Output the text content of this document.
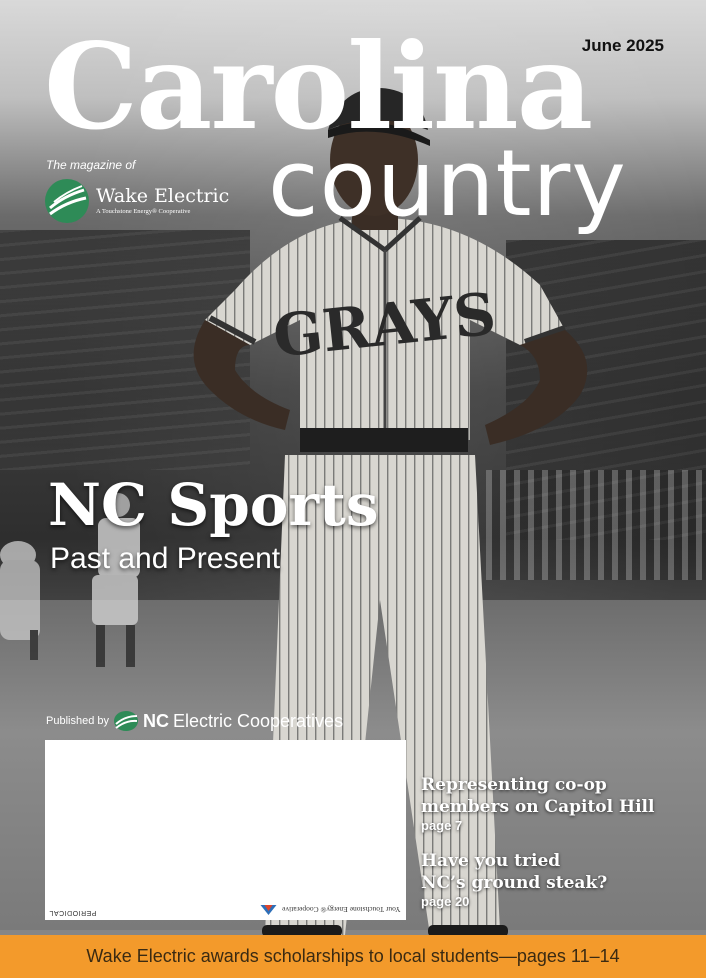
GRAYS
Carolina
country
June 2025
The magazine of
Wake Electric
A Touchstone Energy® Cooperative
NC Sports
Past and Present
Published by NC Electric Cooperatives
PERIODICAL	Your Touchstone Energy® Cooperative
Representing co-op
members on Capitol Hill
page 7
Have you tried
NC’s ground steak?
page 20
Wake Electric awards scholarships to local students—pages 11–14
